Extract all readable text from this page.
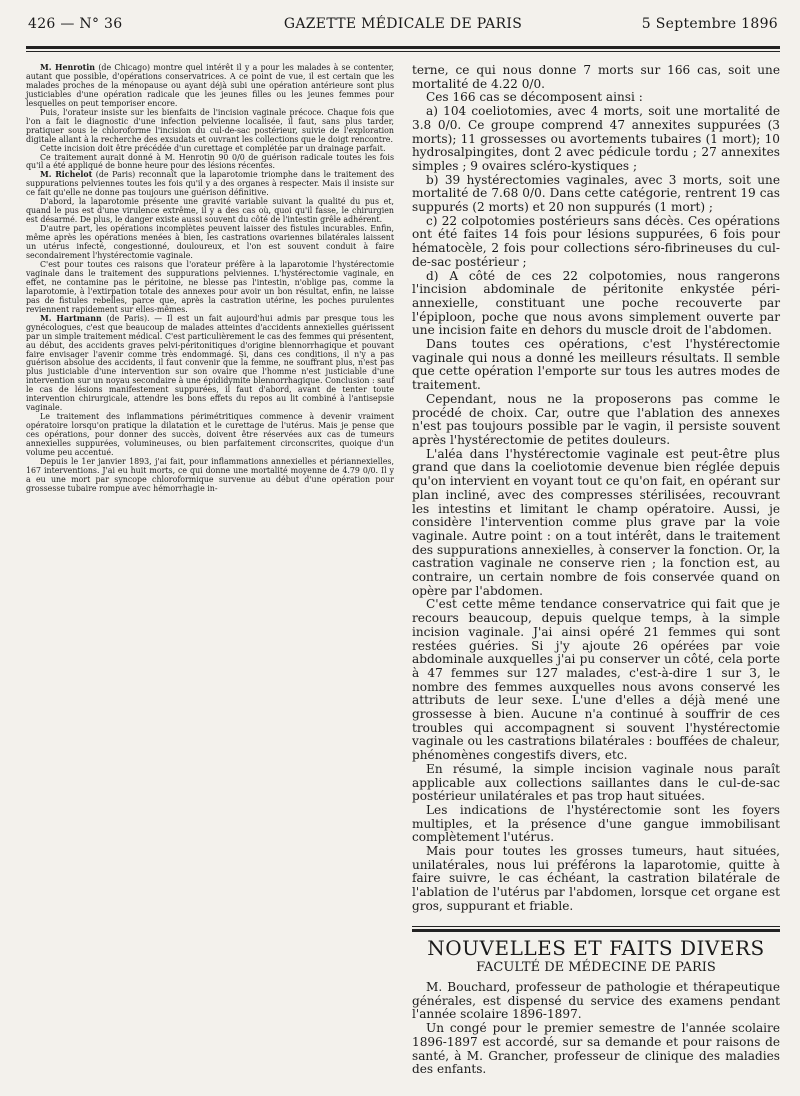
426 — N° 36	GAZETTE MÉDICALE DE PARIS	5 Septembre 1896

M. Henrotin (de Chicago) montre quel intérêt il y a pour les malades à se contenter, autant que possible, d'opérations conservatrices. A ce point de vue, il est certain que les malades proches de la ménopause ou ayant déjà subi une opération antérieure sont plus justiciables d'une opération radicale que les jeunes filles ou les jeunes femmes pour lesquelles on peut temporiser encore.

Puis, l'orateur insiste sur les bienfaits de l'incision vaginale précoce. Chaque fois que l'on a fait le diagnostic d'une infection pelvienne localisée, il faut, sans plus tarder, pratiquer sous le chloroforme l'incision du cul-de-sac postérieur, suivie de l'exploration digitale allant à la recherche des exsudats et ouvrant les collections que le doigt rencontre.

Cette incision doit être précédée d'un curettage et complétée par un drainage parfait.

Ce traitement aurait donné à M. Henrotin 90 0/0 de guérison radicale toutes les fois qu'il a été appliqué de bonne heure pour des lésions récentes.

M. Richelot (de Paris) reconnaît que la laparotomie triomphe dans le traitement des suppurations pelviennes toutes les fois qu'il y a des organes à respecter. Mais il insiste sur ce fait qu'elle ne donne pas toujours une guérison définitive.

D'abord, la laparotomie présente une gravité variable suivant la qualité du pus et, quand le pus est d'une virulence extrême, il y a des cas où, quoi qu'il fasse, le chirurgien est désarmé. De plus, le danger existe aussi souvent du côté de l'intestin grêle adhérent.

D'autre part, les opérations incomplètes peuvent laisser des fistules incurables. Enfin, même après les opérations menées à bien, les castrations ovariennes bilatérales laissent un utérus infecté, congestionné, douloureux, et l'on est souvent conduit à faire secondairement l'hystérectomie vaginale.

C'est pour toutes ces raisons que l'orateur préfère à la laparotomie l'hystérectomie vaginale dans le traitement des suppurations pelviennes. L'hystérectomie vaginale, en effet, ne contamine pas le péritoine, ne blesse pas l'intestin, n'oblige pas, comme la laparotomie, à l'extirpation totale des annexes pour avoir un bon résultat, enfin, ne laisse pas de fistules rebelles, parce que, après la castration utérine, les poches purulentes reviennent rapidement sur elles-mêmes.

M. Hartmann (de Paris). — Il est un fait aujourd'hui admis par presque tous les gynécologues, c'est que beaucoup de malades atteintes d'accidents annexielles guérissent par un simple traitement médical. C'est particulièrement le cas des femmes qui présentent, au début, des accidents graves pelvi-péritonitiques d'origine blennorrhagique et pouvant faire envisager l'avenir comme très endommagé. Si, dans ces conditions, il n'y a pas guérison absolue des accidents, il faut convenir que la femme, ne souffrant plus, n'est pas plus justiciable d'une intervention sur son ovaire que l'homme n'est justiciable d'une intervention sur un noyau secondaire à une épididymite blennorrhagique. Conclusion : sauf le cas de lésions manifestement suppurées, il faut d'abord, avant de tenter toute intervention chirurgicale, attendre les bons effets du repos au lit combiné à l'antisepsie vaginale.

Le traitement des inflammations périmétritiques commence à devenir vraiment opératoire lorsqu'on pratique la dilatation et le curettage de l'utérus. Mais je pense que ces opérations, pour donner des succès, doivent être réservées aux cas de tumeurs annexielles suppurées, volumineuses, ou bien parfaitement circonscrites, quoique d'un volume peu accentué.

Depuis le 1er janvier 1893, j'ai fait, pour inflammations annexielles et périannexielles, 167 interventions. J'ai eu huit morts, ce qui donne une mortalité moyenne de 4.79 0/0. Il y a eu une mort par syncope chloroformique survenue au début d'une opération pour grossesse tubaire rompue avec hémorrhagie in-

terne, ce qui nous donne 7 morts sur 166 cas, soit une mortalité de 4.22 0/0.

Ces 166 cas se décomposent ainsi :

a) 104 coeliotomies, avec 4 morts, soit une mortalité de 3.8 0/0. Ce groupe comprend 47 annexites suppurées (3 morts); 11 grossesses ou avortements tubaires (1 mort); 10 hydrosalpingites, dont 2 avec pédicule tordu ; 27 annexites simples ; 9 ovaires scléro-kystiques ;

b) 39 hystérectomies vaginales, avec 3 morts, soit une mortalité de 7.68 0/0. Dans cette catégorie, rentrent 19 cas suppurés (2 morts) et 20 non suppurés (1 mort) ;

c) 22 colpotomies postérieurs sans décès. Ces opérations ont été faites 14 fois pour lésions suppurées, 6 fois pour hématocèle, 2 fois pour collections séro-fibrineuses du cul-de-sac postérieur ;

d) A côté de ces 22 colpotomies, nous rangerons l'incision abdominale de péritonite enkystée péri-annexielle, constituant une poche recouverte par l'épiploon, poche que nous avons simplement ouverte par une incision faite en dehors du muscle droit de l'abdomen.

Dans toutes ces opérations, c'est l'hystérectomie vaginale qui nous a donné les meilleurs résultats. Il semble que cette opération l'emporte sur tous les autres modes de traitement.

Cependant, nous ne la proposerons pas comme le procédé de choix. Car, outre que l'ablation des annexes n'est pas toujours possible par le vagin, il persiste souvent après l'hystérectomie de petites douleurs.

L'aléa dans l'hystérectomie vaginale est peut-être plus grand que dans la coeliotomie devenue bien réglée depuis qu'on intervient en voyant tout ce qu'on fait, en opérant sur plan incliné, avec des compresses stérilisées, recouvrant les intestins et limitant le champ opératoire. Aussi, je considère l'intervention comme plus grave par la voie vaginale. Autre point : on a tout intérêt, dans le traitement des suppurations annexielles, à conserver la fonction. Or, la castration vaginale ne conserve rien ; la fonction est, au contraire, un certain nombre de fois conservée quand on opère par l'abdomen.

C'est cette même tendance conservatrice qui fait que je recours beaucoup, depuis quelque temps, à la simple incision vaginale. J'ai ainsi opéré 21 femmes qui sont restées guéries. Si j'y ajoute 26 opérées par voie abdominale auxquelles j'ai pu conserver un côté, cela porte à 47 femmes sur 127 malades, c'est-à-dire 1 sur 3, le nombre des femmes auxquelles nous avons conservé les attributs de leur sexe. L'une d'elles a déjà mené une grossesse à bien. Aucune n'a continué à souffrir de ces troubles qui accompagnent si souvent l'hystérectomie vaginale ou les castrations bilatérales : bouffées de chaleur, phénomènes congestifs divers, etc.

En résumé, la simple incision vaginale nous paraît applicable aux collections saillantes dans le cul-de-sac postérieur unilatérales et pas trop haut situées.

Les indications de l'hystérectomie sont les foyers multiples, et la présence d'une gangue immobilisant complètement l'utérus.

Mais pour toutes les grosses tumeurs, haut situées, unilatérales, nous lui préférons la laparotomie, quitte à faire suivre, le cas échéant, la castration bilatérale de l'ablation de l'utérus par l'abdomen, lorsque cet organe est gros, suppurant et friable.

NOUVELLES ET FAITS DIVERS
FACULTÉ DE MÉDECINE DE PARIS

M. Bouchard, professeur de pathologie et thérapeutique générales, est dispensé du service des examens pendant l'année scolaire 1896-1897.

Un congé pour le premier semestre de l'année scolaire 1896-1897 est accordé, sur sa demande et pour raisons de santé, à M. Grancher, professeur de clinique des maladies des enfants.
